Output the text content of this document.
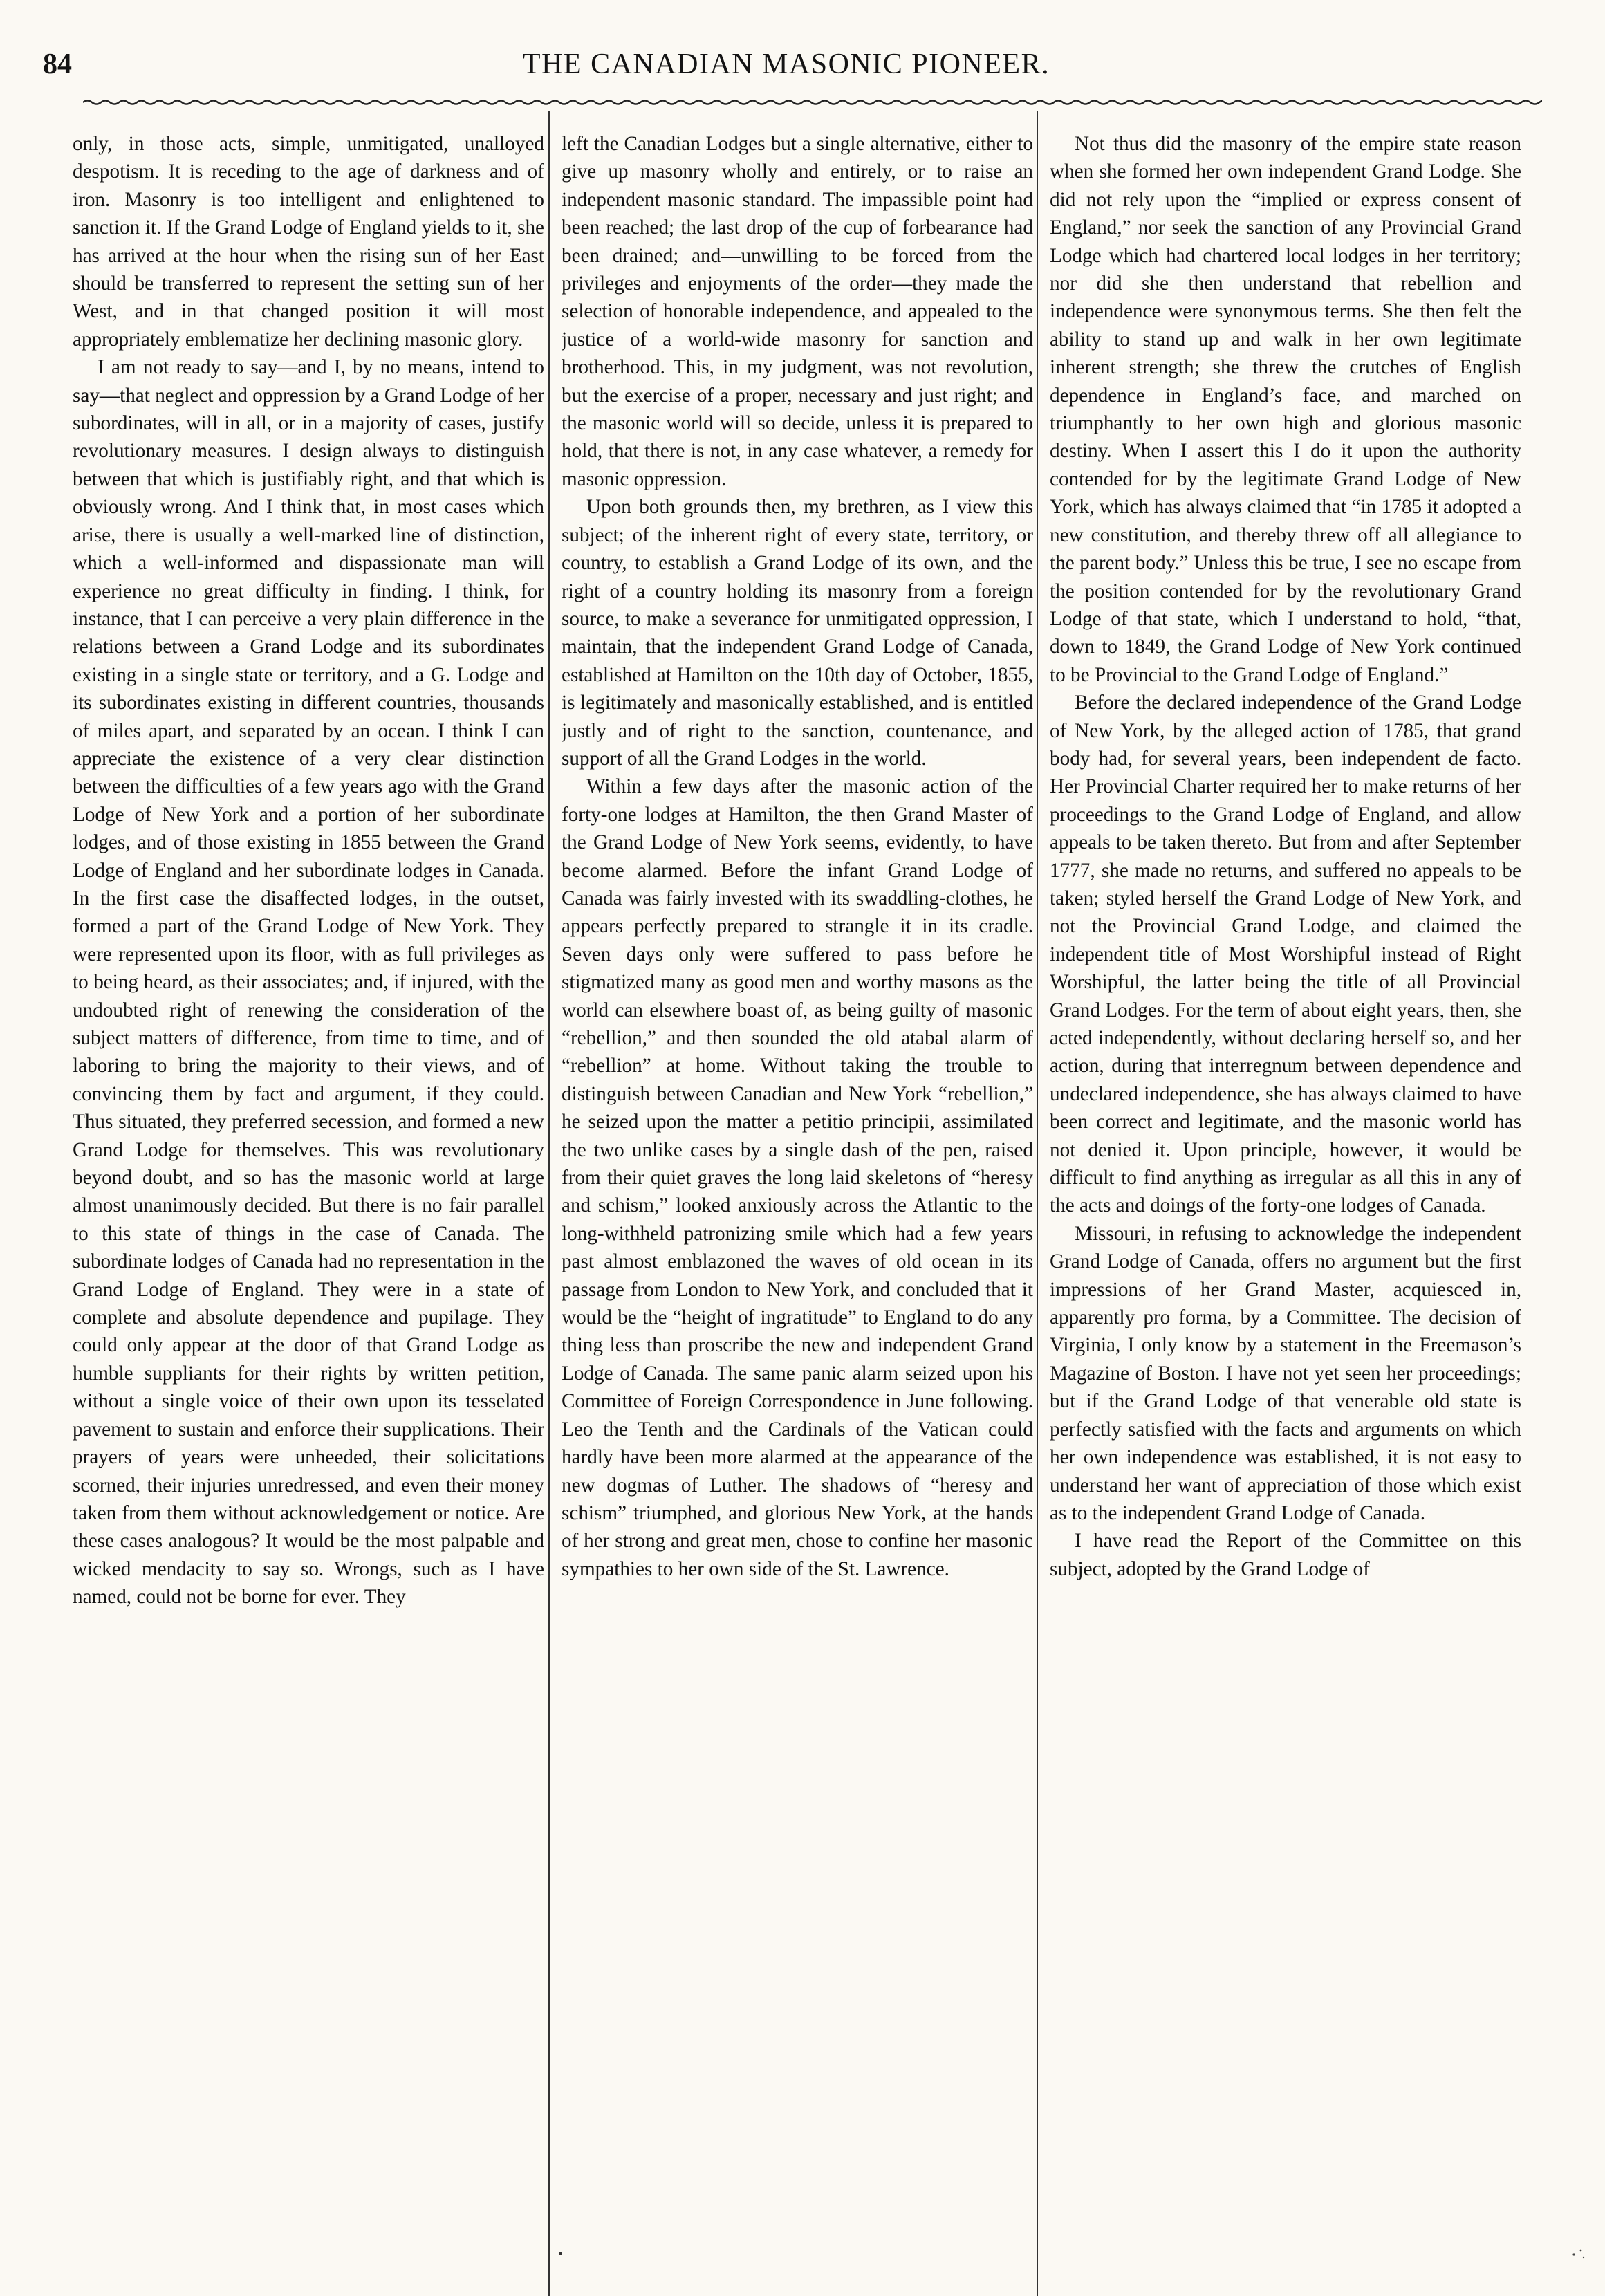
84	THE CANADIAN MASONIC PIONEER.

only, in those acts, simple, unmitigated, unalloyed despotism. It is receding to the age of darkness and of iron. Masonry is too intelligent and enlightened to sanction it. If the Grand Lodge of England yields to it, she has arrived at the hour when the rising sun of her East should be transferred to represent the setting sun of her West, and in that changed position it will most appropriately emblematize her declining masonic glory.

I am not ready to say—and I, by no means, intend to say—that neglect and oppression by a Grand Lodge of her subordinates, will in all, or in a majority of cases, justify revolutionary measures. I design always to distinguish between that which is justifiably right, and that which is obviously wrong. And I think that, in most cases which arise, there is usually a well-marked line of distinction, which a well-informed and dispassionate man will experience no great difficulty in finding. I think, for instance, that I can perceive a very plain difference in the relations between a Grand Lodge and its subordinates existing in a single state or territory, and a G. Lodge and its subordinates existing in different countries, thousands of miles apart, and separated by an ocean. I think I can appreciate the existence of a very clear distinction between the difficulties of a few years ago with the Grand Lodge of New York and a portion of her subordinate lodges, and of those existing in 1855 between the Grand Lodge of England and her subordinate lodges in Canada. In the first case the disaffected lodges, in the outset, formed a part of the Grand Lodge of New York. They were represented upon its floor, with as full privileges as to being heard, as their associates; and, if injured, with the undoubted right of renewing the consideration of the subject matters of difference, from time to time, and of laboring to bring the majority to their views, and of convincing them by fact and argument, if they could. Thus situated, they preferred secession, and formed a new Grand Lodge for themselves. This was revolutionary beyond doubt, and so has the masonic world at large almost unanimously decided. But there is no fair parallel to this state of things in the case of Canada. The subordinate lodges of Canada had no representation in the Grand Lodge of England. They were in a state of complete and absolute dependence and pupilage. They could only appear at the door of that Grand Lodge as humble suppliants for their rights by written petition, without a single voice of their own upon its tesselated pavement to sustain and enforce their supplications. Their prayers of years were unheeded, their solicitations scorned, their injuries unredressed, and even their money taken from them without acknowledgement or notice. Are these cases analogous? It would be the most palpable and wicked mendacity to say so. Wrongs, such as I have named, could not be borne for ever. They

left the Canadian Lodges but a single alternative, either to give up masonry wholly and entirely, or to raise an independent masonic standard. The impassible point had been reached; the last drop of the cup of forbearance had been drained; and—unwilling to be forced from the privileges and enjoyments of the order—they made the selection of honorable independence, and appealed to the justice of a world-wide masonry for sanction and brotherhood. This, in my judgment, was not revolution, but the exercise of a proper, necessary and just right; and the masonic world will so decide, unless it is prepared to hold, that there is not, in any case whatever, a remedy for masonic oppression.

Upon both grounds then, my brethren, as I view this subject; of the inherent right of every state, territory, or country, to establish a Grand Lodge of its own, and the right of a country holding its masonry from a foreign source, to make a severance for unmitigated oppression, I maintain, that the independent Grand Lodge of Canada, established at Hamilton on the 10th day of October, 1855, is legitimately and masonically established, and is entitled justly and of right to the sanction, countenance, and support of all the Grand Lodges in the world.

Within a few days after the masonic action of the forty-one lodges at Hamilton, the then Grand Master of the Grand Lodge of New York seems, evidently, to have become alarmed. Before the infant Grand Lodge of Canada was fairly invested with its swaddling-clothes, he appears perfectly prepared to strangle it in its cradle. Seven days only were suffered to pass before he stigmatized many as good men and worthy masons as the world can elsewhere boast of, as being guilty of masonic “rebellion,” and then sounded the old atabal alarm of “rebellion” at home. Without taking the trouble to distinguish between Canadian and New York “rebellion,” he seized upon the matter a petitio principii, assimilated the two unlike cases by a single dash of the pen, raised from their quiet graves the long laid skeletons of “heresy and schism,” looked anxiously across the Atlantic to the long-withheld patronizing smile which had a few years past almost emblazoned the waves of old ocean in its passage from London to New York, and concluded that it would be the “height of ingratitude” to England to do any thing less than proscribe the new and independent Grand Lodge of Canada. The same panic alarm seized upon his Committee of Foreign Correspondence in June following. Leo the Tenth and the Cardinals of the Vatican could hardly have been more alarmed at the appearance of the new dogmas of Luther. The shadows of “heresy and schism” triumphed, and glorious New York, at the hands of her strong and great men, chose to confine her masonic sympathies to her own side of the St. Lawrence.

Not thus did the masonry of the empire state reason when she formed her own independent Grand Lodge. She did not rely upon the “implied or express consent of England,” nor seek the sanction of any Provincial Grand Lodge which had chartered local lodges in her territory; nor did she then understand that rebellion and independence were synonymous terms. She then felt the ability to stand up and walk in her own legitimate inherent strength; she threw the crutches of English dependence in England’s face, and marched on triumphantly to her own high and glorious masonic destiny. When I assert this I do it upon the authority contended for by the legitimate Grand Lodge of New York, which has always claimed that “in 1785 it adopted a new constitution, and thereby threw off all allegiance to the parent body.” Unless this be true, I see no escape from the position contended for by the revolutionary Grand Lodge of that state, which I understand to hold, “that, down to 1849, the Grand Lodge of New York continued to be Provincial to the Grand Lodge of England.”

Before the declared independence of the Grand Lodge of New York, by the alleged action of 1785, that grand body had, for several years, been independent de facto. Her Provincial Charter required her to make returns of her proceedings to the Grand Lodge of England, and allow appeals to be taken thereto. But from and after September 1777, she made no returns, and suffered no appeals to be taken; styled herself the Grand Lodge of New York, and not the Provincial Grand Lodge, and claimed the independent title of Most Worshipful instead of Right Worshipful, the latter being the title of all Provincial Grand Lodges. For the term of about eight years, then, she acted independently, without declaring herself so, and her action, during that interregnum between dependence and undeclared independence, she has always claimed to have been correct and legitimate, and the masonic world has not denied it. Upon principle, however, it would be difficult to find anything as irregular as all this in any of the acts and doings of the forty-one lodges of Canada.

Missouri, in refusing to acknowledge the independent Grand Lodge of Canada, offers no argument but the first impressions of her Grand Master, acquiesced in, apparently pro forma, by a Committee. The decision of Virginia, I only know by a statement in the Freemason’s Magazine of Boston. I have not yet seen her proceedings; but if the Grand Lodge of that venerable old state is perfectly satisfied with the facts and arguments on which her own independence was established, it is not easy to understand her want of appreciation of those which exist as to the independent Grand Lodge of Canada.

I have read the Report of the Committee on this subject, adopted by the Grand Lodge of
